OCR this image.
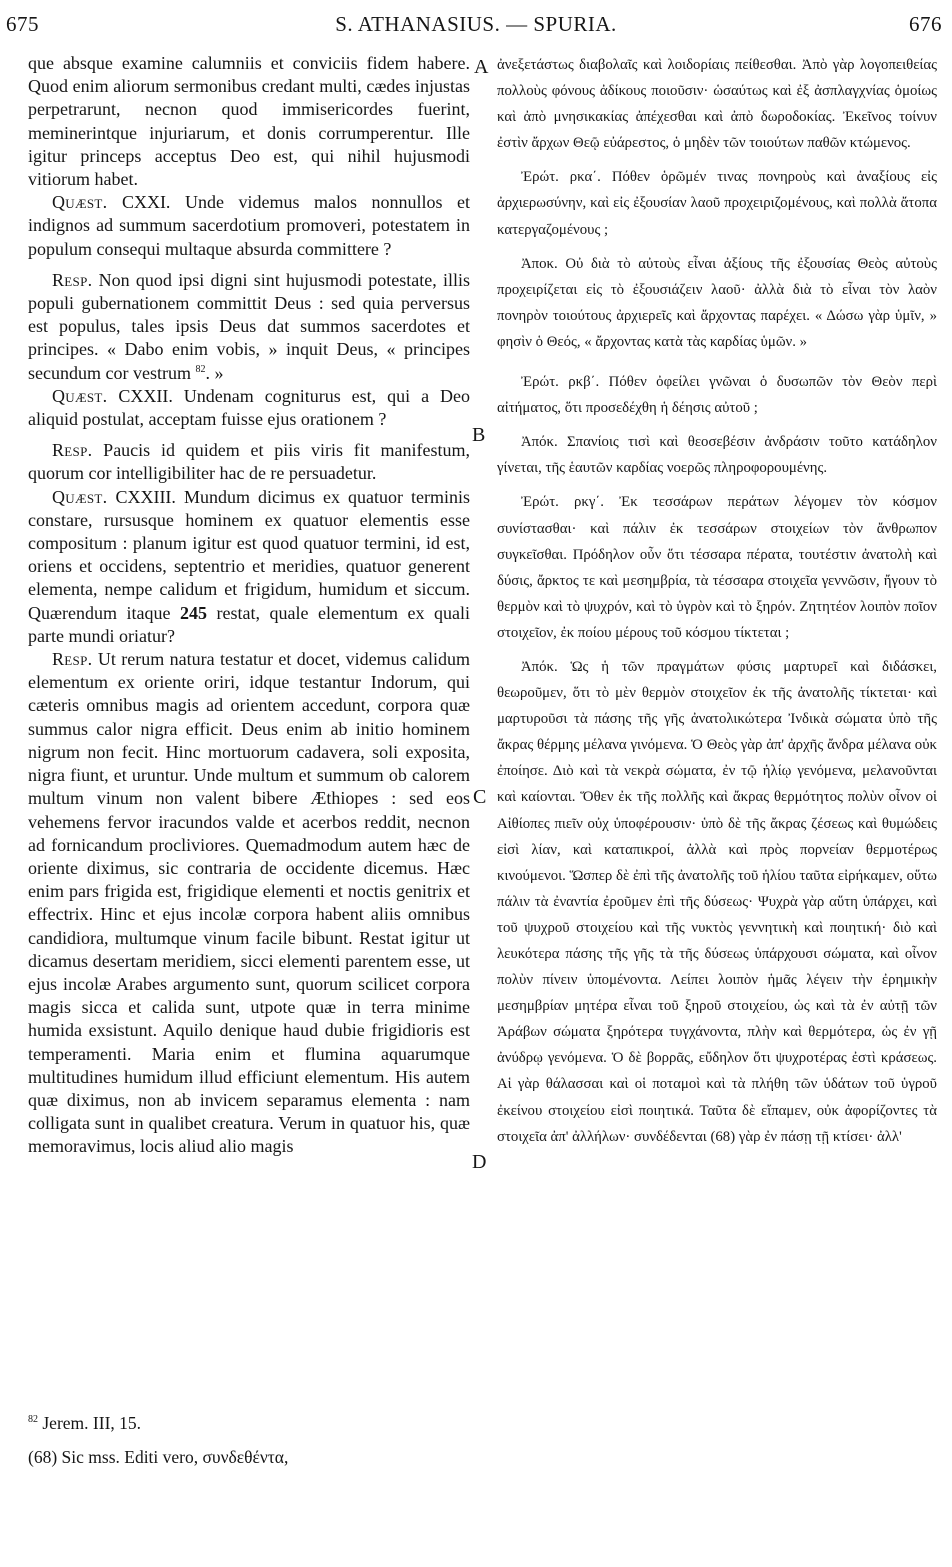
675	S. ATHANASIUS. — SPURIA.	676
A
B
C
D

que absque examine calumniis et conviciis fidem habere. Quod enim aliorum sermonibus credant multi, cædes injustas perpetrarunt, necnon quod immisericordes fuerint, meminerintque injuriarum, et donis corrumperentur. Ille igitur princeps acceptus Deo est, qui nihil hujusmodi vitiorum habet.

Quæst. CXXI. Unde videmus malos nonnullos et indignos ad summum sacerdotium promoveri, potestatem in populum consequi multaque absurda committere ?

Resp. Non quod ipsi digni sint hujusmodi potestate, illis populi gubernationem committit Deus : sed quia perversus est populus, tales ipsis Deus dat summos sacerdotes et principes. « Dabo enim vobis, » inquit Deus, « principes secundum cor vestrum $^{82}$. »

Quæst. CXXII. Undenam cogniturus est, qui a Deo aliquid postulat, acceptam fuisse ejus orationem ?

Resp. Paucis id quidem et piis viris fit manifestum, quorum cor intelligibiliter hac de re persuadetur.

Quæst. CXXIII. Mundum dicimus ex quatuor terminis constare, rursusque hominem ex quatuor elementis esse compositum : planum igitur est quod quatuor termini, id est, oriens et occidens, septentrio et meridies, quatuor generent elementa, nempe calidum et frigidum, humidum et siccum. Quærendum itaque 245 restat, quale elementum ex quali parte mundi oriatur?

Resp. Ut rerum natura testatur et docet, videmus calidum elementum ex oriente oriri, idque testantur Indorum, qui cæteris omnibus magis ad orientem accedunt, corpora quæ summus calor nigra efficit. Deus enim ab initio hominem nigrum non fecit. Hinc mortuorum cadavera, soli exposita, nigra fiunt, et uruntur. Unde multum et summum ob calorem multum vinum non valent bibere Æthiopes : sed eos vehemens fervor iracundos valde et acerbos reddit, necnon ad fornicandum procliviores. Quemadmodum autem hæc de oriente diximus, sic contraria de occidente dicemus. Hæc enim pars frigida est, frigidique elementi et noctis genitrix et effectrix. Hinc et ejus incolæ corpora habent aliis omnibus candidiora, multumque vinum facile bibunt. Restat igitur ut dicamus desertam meridiem, sicci elementi parentem esse, ut ejus incolæ Arabes argumento sunt, quorum scilicet corpora magis sicca et calida sunt, utpote quæ in terra minime humida exsistunt. Aquilo denique haud dubie frigidioris est temperamenti. Maria enim et flumina aquarumque multitudines humidum illud efficiunt elementum. His autem quæ diximus, non ab invicem separamus elementa : nam colligata sunt in qualibet creatura. Verum in quatuor his, quæ memoravimus, locis aliud alio magis

ἀνεξετάστως διαβολαῖς καὶ λοιδορίαις πείθεσθαι. Ἀπὸ γὰρ λογοπειθείας πολλοὺς φόνους ἀδίκους ποιοῦσιν· ὡσαύτως καὶ ἐξ ἀσπλαγχνίας ὁμοίως καὶ ἀπὸ μνησικακίας ἀπέχεσθαι καὶ ἀπὸ δωροδοκίας. Ἐκεῖνος τοίνυν ἐστὶν ἄρχων Θεῷ εὐάρεστος, ὁ μηδὲν τῶν τοιούτων παθῶν κτώμενος.

Ἐρώτ. ρκα΄. Πόθεν ὁρῶμέν τινας πονηροὺς καὶ ἀναξίους εἰς ἀρχιερωσύνην, καὶ εἰς ἐξουσίαν λαοῦ προχειριζομένους, καὶ πολλὰ ἄτοπα κατεργαζομένους ;

Ἀποκ. Οὐ διὰ τὸ αὐτοὺς εἶναι ἀξίους τῆς ἐξουσίας Θεὸς αὐτοὺς προχειρίζεται εἰς τὸ ἐξουσιάζειν λαοῦ· ἀλλὰ διὰ τὸ εἶναι τὸν λαὸν πονηρὸν τοιούτους ἀρχιερεῖς καὶ ἄρχοντας παρέχει. « Δώσω γὰρ ὑμῖν, » φησὶν ὁ Θεός, « ἄρχοντας κατὰ τὰς καρδίας ὑμῶν. »

Ἐρώτ. ρκβ΄. Πόθεν ὀφείλει γνῶναι ὁ δυσωπῶν τὸν Θεὸν περὶ αἰτήματος, ὅτι προσεδέχθη ἡ δέησις αὐτοῦ ;

Ἀπόκ. Σπανίοις τισὶ καὶ θεοσεβέσιν ἀνδράσιν τοῦτο κατάδηλον γίνεται, τῆς ἑαυτῶν καρδίας νοερῶς πληροφορουμένης.

Ἐρώτ. ρκγ΄. Ἐκ τεσσάρων περάτων λέγομεν τὸν κόσμον συνίστασθαι· καὶ πάλιν ἐκ τεσσάρων στοιχείων τὸν ἄνθρωπον συγκεῖσθαι. Πρόδηλον οὖν ὅτι τέσσαρα πέρατα, τουτέστιν ἀνατολὴ καὶ δύσις, ἄρκτος τε καὶ μεσημβρία, τὰ τέσσαρα στοιχεῖα γεννῶσιν, ἤγουν τὸ θερμὸν καὶ τὸ ψυχρόν, καὶ τὸ ὑγρὸν καὶ τὸ ξηρόν. Ζητητέον λοιπὸν ποῖον στοιχεῖον, ἐκ ποίου μέρους τοῦ κόσμου τίκτεται ;

Ἀπόκ. Ὡς ἡ τῶν πραγμάτων φύσις μαρτυρεῖ καὶ διδάσκει, θεωροῦμεν, ὅτι τὸ μὲν θερμὸν στοιχεῖον ἐκ τῆς ἀνατολῆς τίκτεται· καὶ μαρτυροῦσι τὰ πάσης τῆς γῆς ἀνατολικώτερα Ἰνδικὰ σώματα ὑπὸ τῆς ἄκρας θέρμης μέλανα γινόμενα. Ὁ Θεὸς γὰρ ἀπ' ἀρχῆς ἄνδρα μέλανα οὐκ ἐποίησε. Διὸ καὶ τὰ νεκρὰ σώματα, ἐν τῷ ἡλίῳ γενόμενα, μελανοῦνται καὶ καίονται. Ὅθεν ἐκ τῆς πολλῆς καὶ ἄκρας θερμότητος πολὺν οἶνον οἱ Αἰθίοπες πιεῖν οὐχ ὑποφέρουσιν· ὑπὸ δὲ τῆς ἄκρας ζέσεως καὶ θυμώδεις εἰσὶ λίαν, καὶ καταπικροί, ἀλλὰ καὶ πρὸς πορνείαν θερμοτέρως κινούμενοι. Ὥσπερ δὲ ἐπὶ τῆς ἀνατολῆς τοῦ ἡλίου ταῦτα εἰρήκαμεν, οὕτω πάλιν τὰ ἐναντία ἐροῦμεν ἐπὶ τῆς δύσεως· Ψυχρὰ γὰρ αὕτη ὑπάρχει, καὶ τοῦ ψυχροῦ στοιχείου καὶ τῆς νυκτὸς γεννητικὴ καὶ ποιητική· διὸ καὶ λευκότερα πάσης τῆς γῆς τὰ τῆς δύσεως ὑπάρχουσι σώματα, καὶ οἶνον πολὺν πίνειν ὑπομένοντα. Λείπει λοιπὸν ἡμᾶς λέγειν τὴν ἐρημικὴν μεσημβρίαν μητέρα εἶναι τοῦ ξηροῦ στοιχείου, ὡς καὶ τὰ ἐν αὐτῇ τῶν Ἀράβων σώματα ξηρότερα τυγχάνοντα, πλὴν καὶ θερμότερα, ὡς ἐν γῇ ἀνύδρῳ γενόμενα. Ὁ δὲ βορρᾶς, εὔδηλον ὅτι ψυχροτέρας ἐστὶ κράσεως. Αἱ γὰρ θάλασσαι καὶ οἱ ποταμοὶ καὶ τὰ πλήθη τῶν ὑδάτων τοῦ ὑγροῦ ἐκείνου στοιχείου εἰσὶ ποιητικά. Ταῦτα δὲ εἴπαμεν, οὐκ ἀφορίζοντες τὰ στοιχεῖα ἀπ' ἀλλήλων· συνδέδενται (68) γὰρ ἐν πάσῃ τῇ κτίσει· ἀλλ'

$^{82}$ Jerem. III, 15.
(68) Sic mss. Editi vero, συνδεθέντα,
